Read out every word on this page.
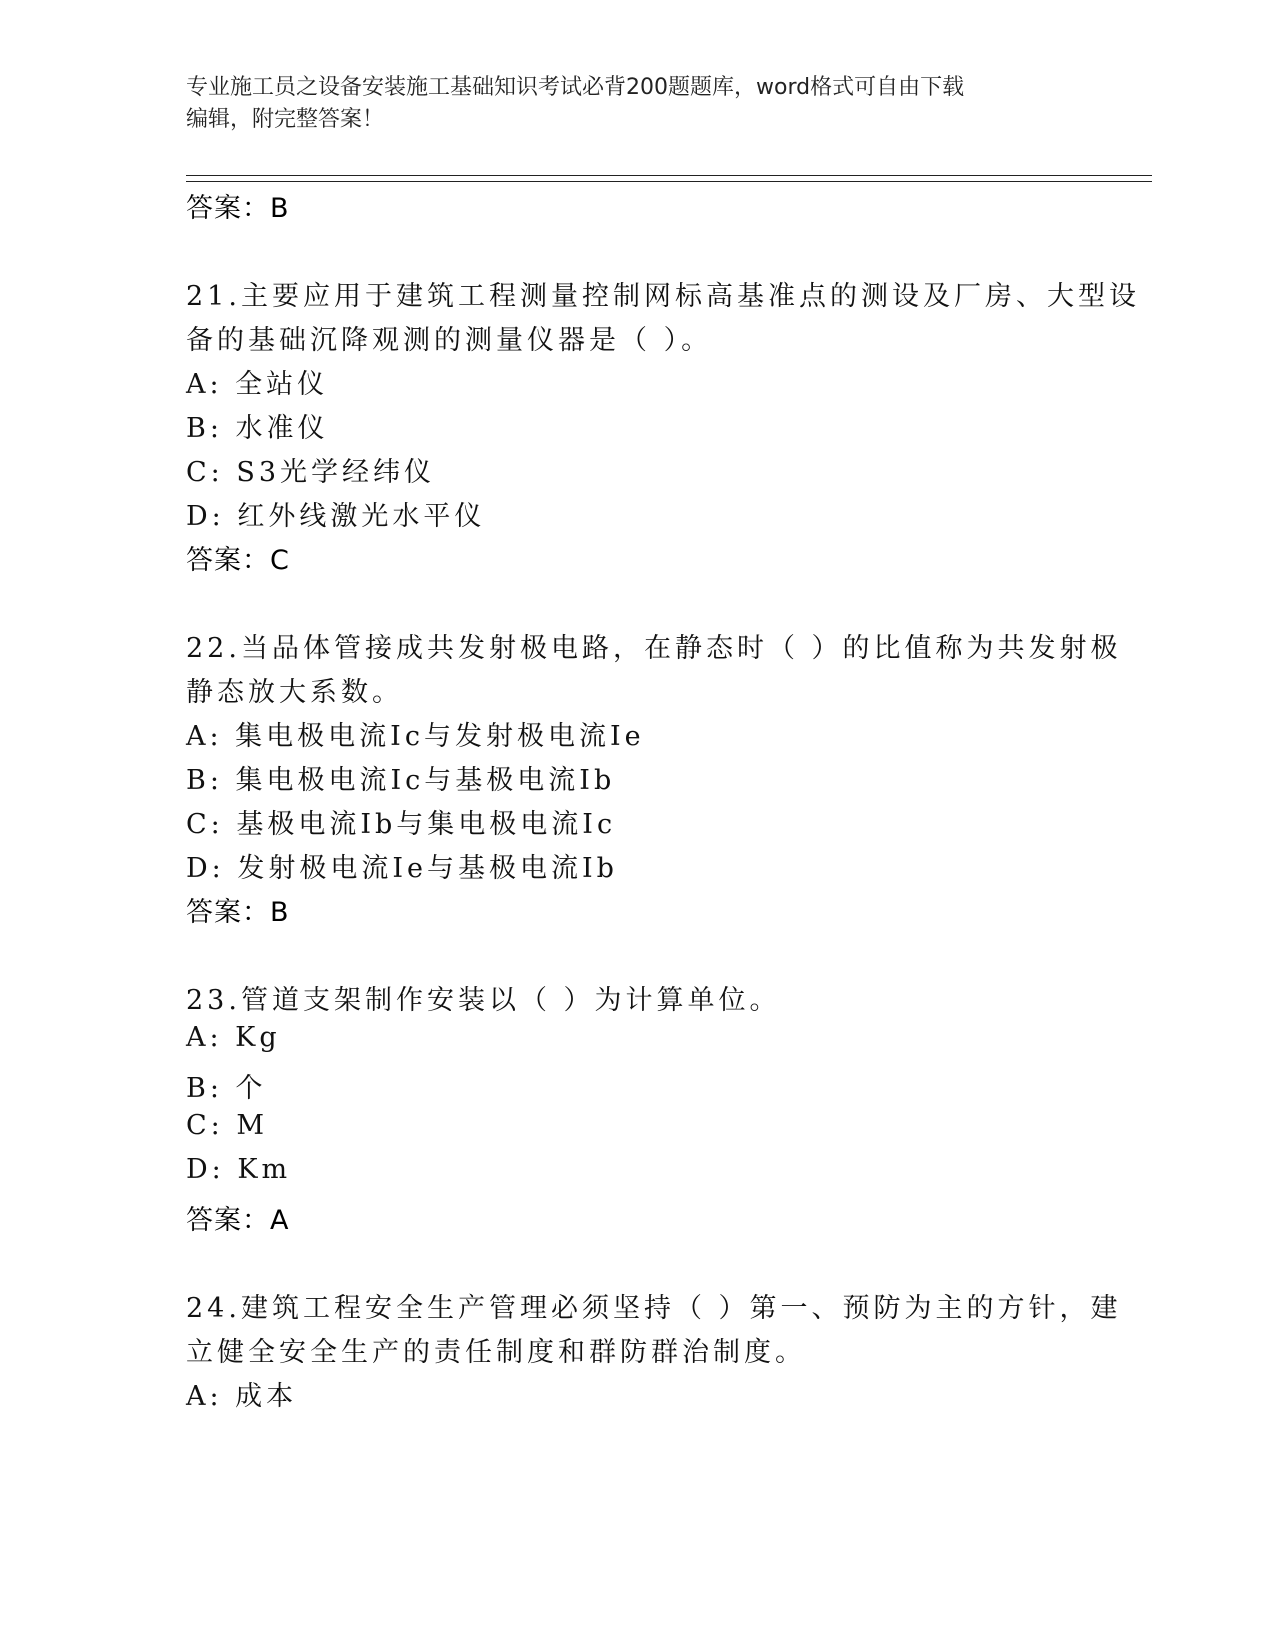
专业施工员之设备安装施工基础知识考试必背200题题库，word格式可自由下载
编辑，附完整答案！
答案：B
21.主要应用于建筑工程测量控制网标高基准点的测设及厂房、大型设
备的基础沉降观测的测量仪器是（ ）。
A: 全站仪
B: 水准仪
C: S3光学经纬仪
D: 红外线激光水平仪
答案：C
22.当品体管接成共发射极电路，在静态时（ ）的比值称为共发射极
静态放大系数。
A: 集电极电流Ic与发射极电流Ie
B: 集电极电流Ic与基极电流Ib
C: 基极电流Ib与集电极电流Ic
D: 发射极电流Ie与基极电流Ib
答案：B
23.管道支架制作安装以（ ）为计算单位。
A: Kg
B: 个
C: M
D: Km
答案：A
24.建筑工程安全生产管理必须坚持（ ）第一、预防为主的方针，建
立健全安全生产的责任制度和群防群治制度。
A: 成本
